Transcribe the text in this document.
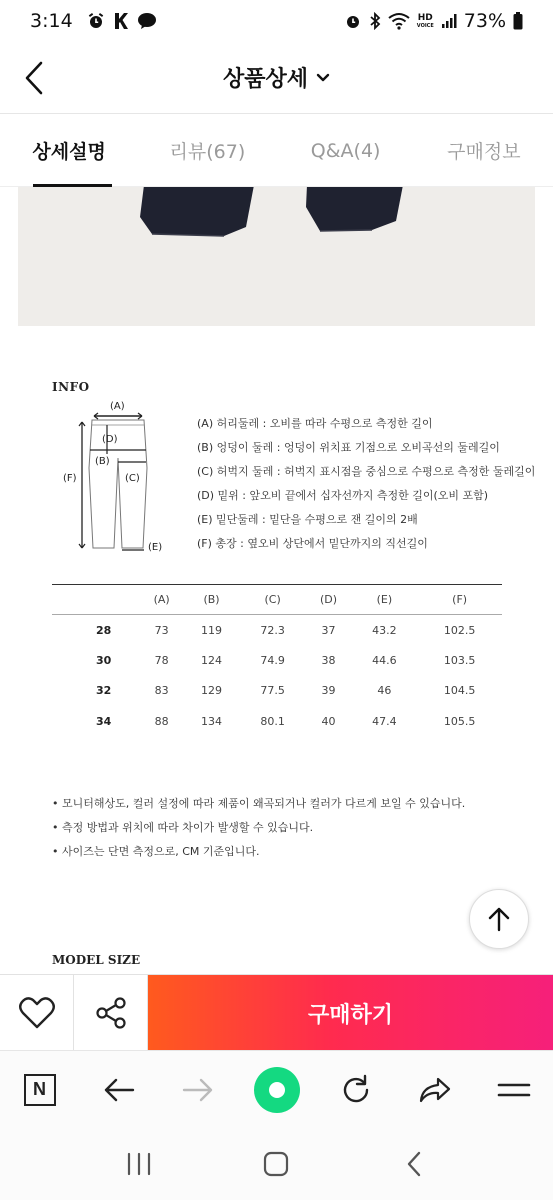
3:14	HD
VOICE 73%
상품상세
상세설명	리뷰(67)	Q&A(4)	구매정보
INFO
(A)
(D)
(B)
(C)
(F)
(E)
(A) 허리둘레 : 오비를 따라 수평으로 측정한 길이
(B) 엉덩이 둘레 : 엉덩이 위치표 기점으로 오비곡선의 둘레길이
(C) 허벅지 둘레 : 허벅지 표시점을 중심으로 수평으로 측정한 둘레길이
(D) 밑위 : 앞오비 끝에서 십자선까지 측정한 길이(오비 포함)
(E) 밑단둘레 : 밑단을 수평으로 잰 길이의 2배
(F) 총장 : 옆오비 상단에서 밑단까지의 직선길이
	(A)	(B)	(C)	(D)	(E)	(F)
28	73	119	72.3	37	43.2	102.5
30	78	124	74.9	38	44.6	103.5
32	83	129	77.5	39	46	104.5
34	88	134	80.1	40	47.4	105.5
• 모니터해상도, 컬러 설정에 따라 제품이 왜곡되거나 컬러가 다르게 보일 수 있습니다.
• 측정 방법과 위치에 따라 차이가 발생할 수 있습니다.
• 사이즈는 단면 측정으로, CM 기준입니다.
MODEL SIZE
구매하기
N
